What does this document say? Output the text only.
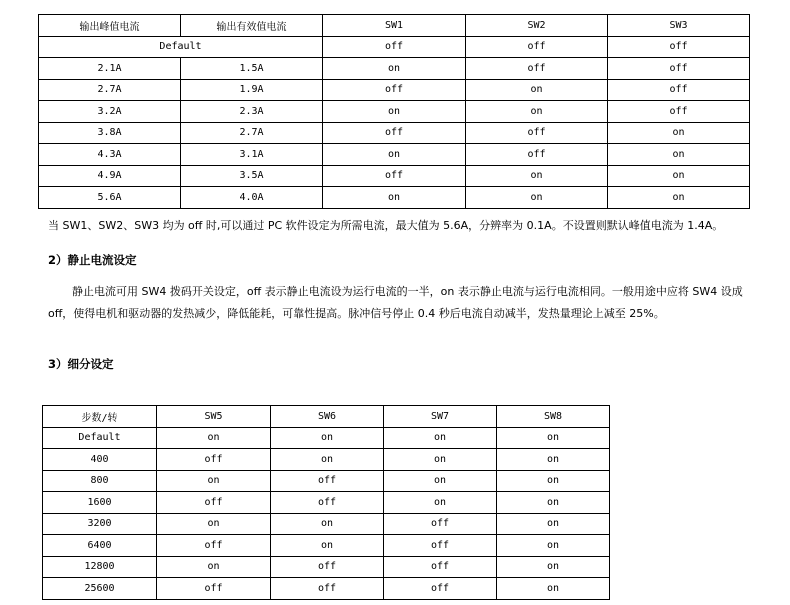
输出峰值电流	输出有效值电流	SW1	SW2	SW3
Default		off	off	off
2.1A	1.5A	on	off	off
2.7A	1.9A	off	on	off
3.2A	2.3A	on	on	off
3.8A	2.7A	off	off	on
4.3A	3.1A	on	off	on
4.9A	3.5A	off	on	on
5.6A	4.0A	on	on	on

当 SW1、SW2、SW3 均为 off 时,可以通过 PC 软件设定为所需电流，最大值为 5.6A，分辨率为 0.1A。不设置则默认峰值电流为 1.4A。

2）静止电流设定

静止电流可用 SW4 拨码开关设定，off 表示静止电流设为运行电流的一半，on 表示静止电流与运行电流相同。一般用途中应将 SW4 设成 off，使得电机和驱动器的发热减少，降低能耗，可靠性提高。脉冲信号停止 0.4 秒后电流自动减半，发热量理论上减至 25%。

3）细分设定

步数/转	SW5	SW6	SW7	SW8
Default	on	on	on	on
400	off	on	on	on
800	on	off	on	on
1600	off	off	on	on
3200	on	on	off	on
6400	off	on	off	on
12800	on	off	off	on
25600	off	off	off	on
